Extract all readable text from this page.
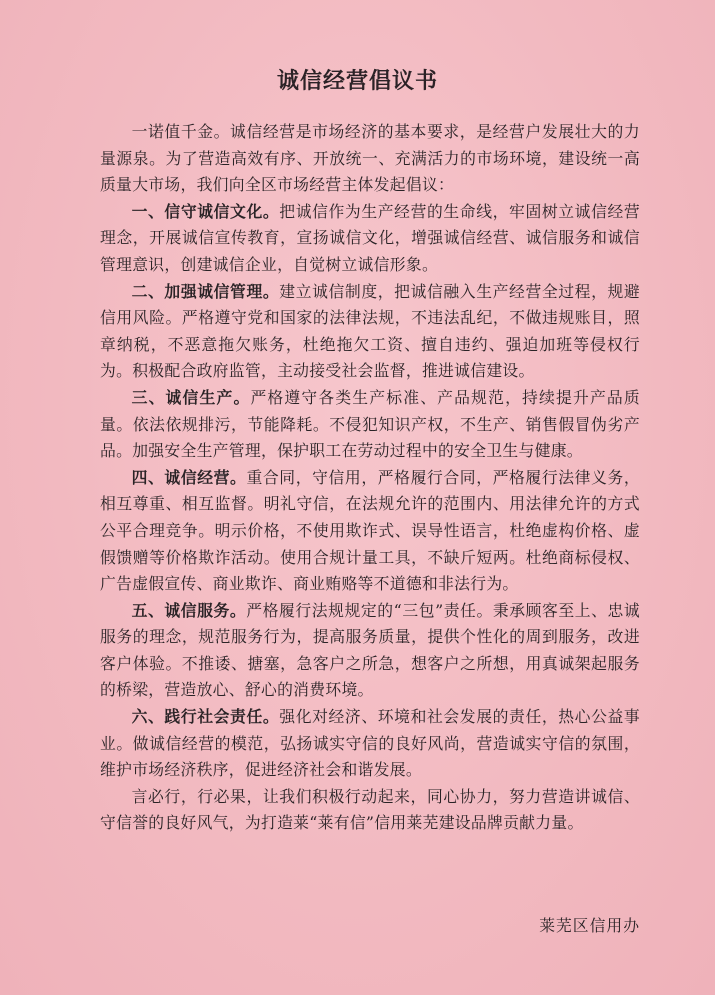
诚信经营倡议书

一诺值千金。诚信经营是市场经济的基本要求，是经营户发展壮大的力量源泉。为了营造高效有序、开放统一、充满活力的市场环境，建设统一高质量大市场，我们向全区市场经营主体发起倡议：

一、信守诚信文化。把诚信作为生产经营的生命线，牢固树立诚信经营理念，开展诚信宣传教育，宣扬诚信文化，增强诚信经营、诚信服务和诚信管理意识，创建诚信企业，自觉树立诚信形象。

二、加强诚信管理。建立诚信制度，把诚信融入生产经营全过程，规避信用风险。严格遵守党和国家的法律法规，不违法乱纪，不做违规账目，照章纳税，不恶意拖欠账务，杜绝拖欠工资、擅自违约、强迫加班等侵权行为。积极配合政府监管，主动接受社会监督，推进诚信建设。

三、诚信生产。严格遵守各类生产标准、产品规范，持续提升产品质量。依法依规排污，节能降耗。不侵犯知识产权，不生产、销售假冒伪劣产品。加强安全生产管理，保护职工在劳动过程中的安全卫生与健康。

四、诚信经营。重合同，守信用，严格履行合同，严格履行法律义务，相互尊重、相互监督。明礼守信，在法规允许的范围内、用法律允许的方式公平合理竞争。明示价格，不使用欺诈式、误导性语言，杜绝虚构价格、虚假馈赠等价格欺诈活动。使用合规计量工具，不缺斤短两。杜绝商标侵权、广告虚假宣传、商业欺诈、商业贿赂等不道德和非法行为。

五、诚信服务。严格履行法规规定的“三包”责任。秉承顾客至上、忠诚服务的理念，规范服务行为，提高服务质量，提供个性化的周到服务，改进客户体验。不推诿、搪塞，急客户之所急，想客户之所想，用真诚架起服务的桥梁，营造放心、舒心的消费环境。

六、践行社会责任。强化对经济、环境和社会发展的责任，热心公益事业。做诚信经营的模范，弘扬诚实守信的良好风尚，营造诚实守信的氛围，维护市场经济秩序，促进经济社会和谐发展。

言必行，行必果，让我们积极行动起来，同心协力，努力营造讲诚信、守信誉的良好风气，为打造莱“莱有信”信用莱芜建设品牌贡献力量。

莱芜区信用办
